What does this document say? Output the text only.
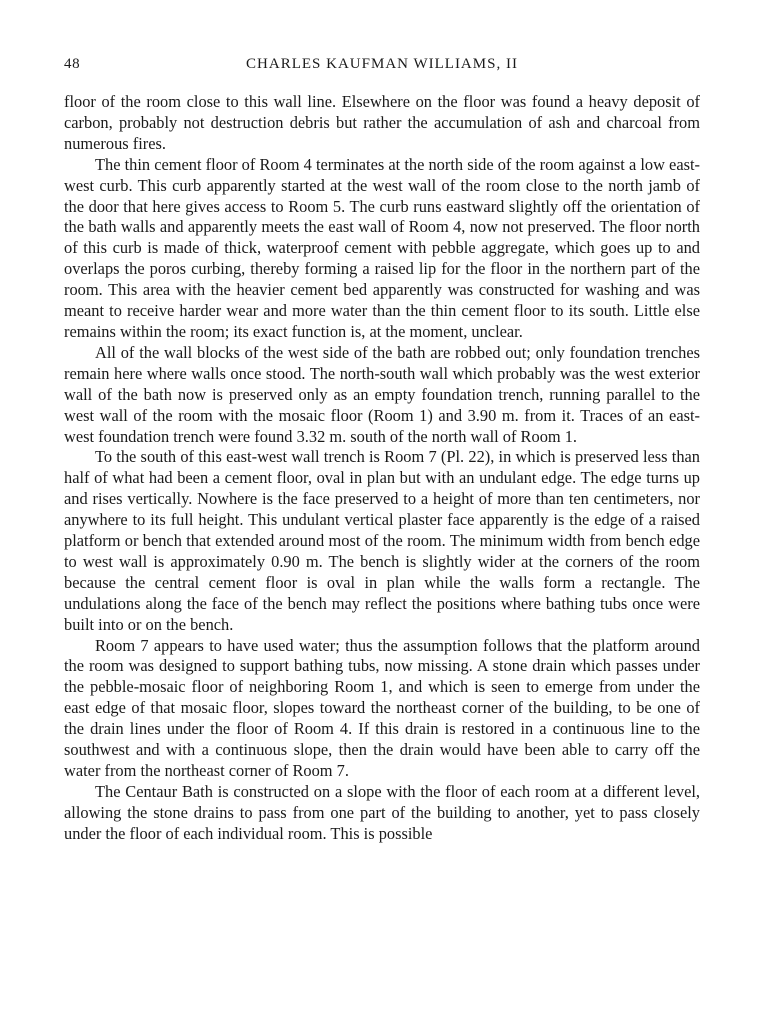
48	CHARLES KAUFMAN WILLIAMS, II

floor of the room close to this wall line. Elsewhere on the floor was found a heavy deposit of carbon, probably not destruction debris but rather the accumulation of ash and charcoal from numerous fires.

The thin cement floor of Room 4 terminates at the north side of the room against a low east-west curb. This curb apparently started at the west wall of the room close to the north jamb of the door that here gives access to Room 5. The curb runs eastward slightly off the orientation of the bath walls and apparently meets the east wall of Room 4, now not preserved. The floor north of this curb is made of thick, waterproof cement with pebble aggregate, which goes up to and overlaps the poros curbing, thereby forming a raised lip for the floor in the northern part of the room. This area with the heavier cement bed apparently was constructed for washing and was meant to receive harder wear and more water than the thin cement floor to its south. Little else remains within the room; its exact function is, at the moment, unclear.

All of the wall blocks of the west side of the bath are robbed out; only foundation trenches remain here where walls once stood. The north-south wall which probably was the west exterior wall of the bath now is preserved only as an empty foundation trench, running parallel to the west wall of the room with the mosaic floor (Room 1) and 3.90 m. from it. Traces of an east-west foundation trench were found 3.32 m. south of the north wall of Room 1.

To the south of this east-west wall trench is Room 7 (Pl. 22), in which is preserved less than half of what had been a cement floor, oval in plan but with an undulant edge. The edge turns up and rises vertically. Nowhere is the face preserved to a height of more than ten centimeters, nor anywhere to its full height. This undulant vertical plaster face apparently is the edge of a raised platform or bench that extended around most of the room. The minimum width from bench edge to west wall is approximately 0.90 m. The bench is slightly wider at the corners of the room because the central cement floor is oval in plan while the walls form a rectangle. The undulations along the face of the bench may reflect the positions where bathing tubs once were built into or on the bench.

Room 7 appears to have used water; thus the assumption follows that the platform around the room was designed to support bathing tubs, now missing. A stone drain which passes under the pebble-mosaic floor of neighboring Room 1, and which is seen to emerge from under the east edge of that mosaic floor, slopes toward the northeast corner of the building, to be one of the drain lines under the floor of Room 4. If this drain is restored in a continuous line to the southwest and with a continuous slope, then the drain would have been able to carry off the water from the northeast corner of Room 7.

The Centaur Bath is constructed on a slope with the floor of each room at a different level, allowing the stone drains to pass from one part of the building to another, yet to pass closely under the floor of each individual room. This is possible
